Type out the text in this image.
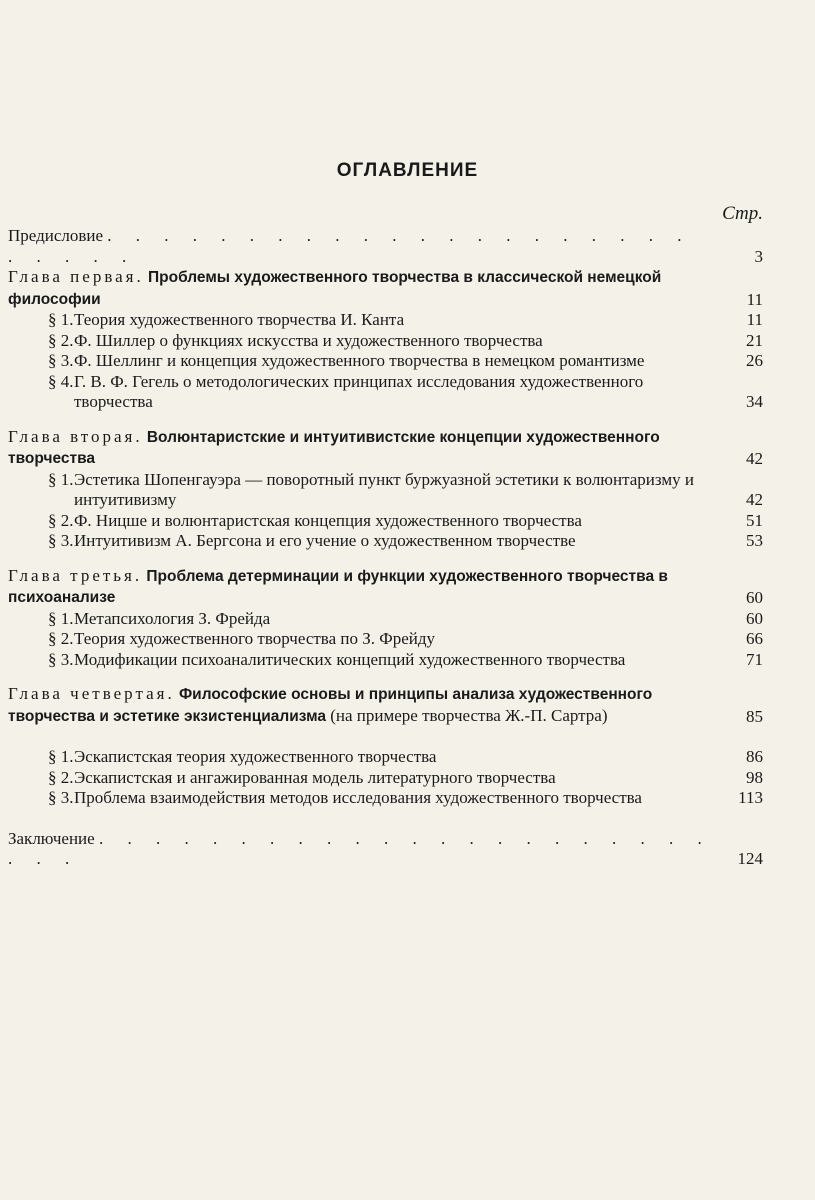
ОГЛАВЛЕНИЕ
Стр.
Предисловие . . . . . . . . . . . . . . . . . . . . . . . . . .	3
Глава первая. Проблемы художественного творчества в классической немецкой философии	11
§ 1.Теория художественного творчества И. Канта	11
§ 2.Ф. Шиллер о функциях искусства и художественного творчества	21
§ 3.Ф. Шеллинг и концепция художественного творчества в немецком романтизме	26
§ 4.Г. В. Ф. Гегель о методологических принципах исследования художественного творчества	34
Глава вторая. Волюнтаристские и интуитивистские концепции художественного творчества	42
§ 1.Эстетика Шопенгауэра — поворотный пункт буржуазной эстетики к волюнтаризму и интуитивизму	42
§ 2.Ф. Ницше и волюнтаристская концепция художественного творчества	51
§ 3.Интуитивизм А. Бергсона и его учение о художественном творчестве	53
Глава третья. Проблема детерминации и функции художественного творчества в психоанализе	60
§ 1.Метапсихология З. Фрейда	60
§ 2.Теория художественного творчества по З. Фрейду	66
§ 3.Модификации психоаналитических концепций художественного творчества	71
Глава четвертая. Философские основы и принципы анализа художественного творчества и эстетике экзистенциализма (на примере творчества Ж.-П. Сартра)	85
§ 1.Эскапистская теория художественного творчества	86
§ 2.Эскапистская и ангажированная модель литературного творчества	98
§ 3.Проблема взаимодействия методов исследования художественного творчества	113
Заключение . . . . . . . . . . . . . . . . . . . . . . . . .	124
